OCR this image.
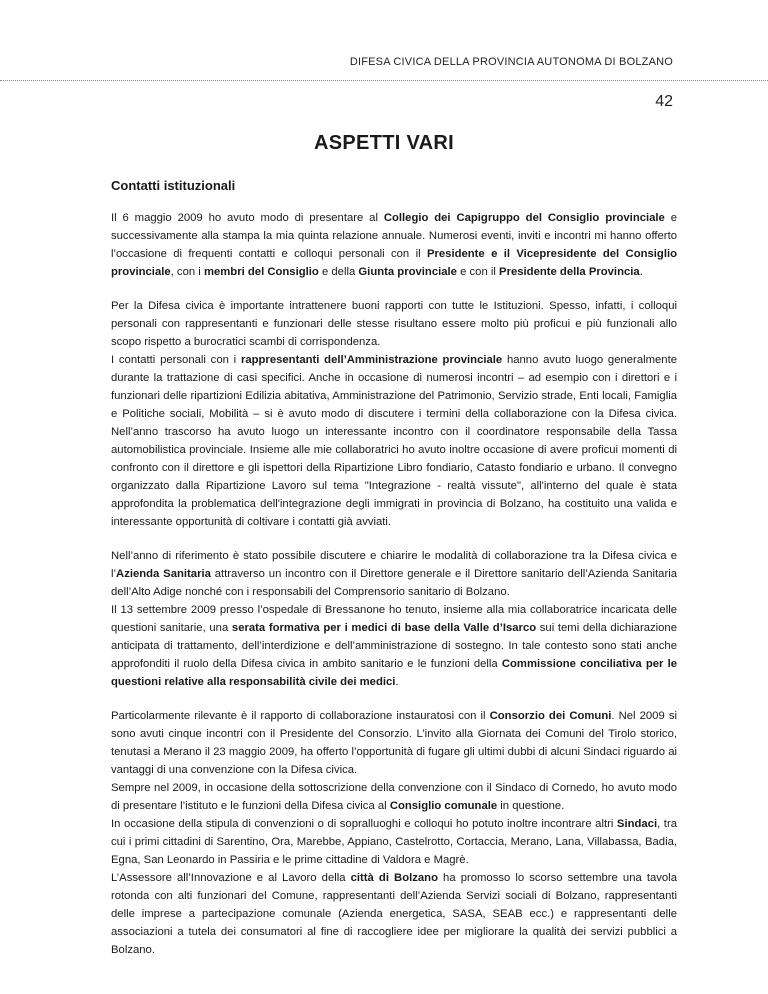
DIFESA CIVICA DELLA PROVINCIA AUTONOMA DI BOLZANO
42
ASPETTI VARI
Contatti istituzionali

Il 6 maggio 2009 ho avuto modo di presentare al Collegio dei Capigruppo del Consiglio provinciale e successivamente alla stampa la mia quinta relazione annuale. Numerosi eventi, inviti e incontri mi hanno offerto l’occasione di frequenti contatti e colloqui personali con il Presidente e il Vicepresidente del Consiglio provinciale, con i membri del Consiglio e della Giunta provinciale e con il Presidente della Provincia.

Per la Difesa civica è importante intrattenere buoni rapporti con tutte le Istituzioni. Spesso, infatti, i colloqui personali con rappresentanti e funzionari delle stesse risultano essere molto più proficui e più funzionali allo scopo rispetto a burocratici scambi di corrispondenza.
I contatti personali con i rappresentanti dell’Amministrazione provinciale hanno avuto luogo generalmente durante la trattazione di casi specifici. Anche in occasione di numerosi incontri – ad esempio con i direttori e i funzionari delle ripartizioni Edilizia abitativa, Amministrazione del Patrimonio, Servizio strade, Enti locali, Famiglia e Politiche sociali, Mobilità – si è avuto modo di discutere i termini della collaborazione con la Difesa civica. Nell’anno trascorso ha avuto luogo un interessante incontro con il coordinatore responsabile della Tassa automobilistica provinciale. Insieme alle mie collaboratrici ho avuto inoltre occasione di avere proficui momenti di confronto con il direttore e gli ispettori della Ripartizione Libro fondiario, Catasto fondiario e urbano. Il convegno organizzato dalla Ripartizione Lavoro sul tema "Integrazione - realtà vissute", all'interno del quale è stata approfondita la problematica dell'integrazione degli immigrati in provincia di Bolzano, ha costituito una valida e interessante opportunità di coltivare i contatti già avviati.

Nell’anno di riferimento è stato possibile discutere e chiarire le modalità di collaborazione tra la Difesa civica e l’Azienda Sanitaria attraverso un incontro con il Direttore generale e il Direttore sanitario dell’Azienda Sanitaria dell’Alto Adige nonché con i responsabili del Comprensorio sanitario di Bolzano.
Il 13 settembre 2009 presso l’ospedale di Bressanone ho tenuto, insieme alla mia collaboratrice incaricata delle questioni sanitarie, una serata formativa per i medici di base della Valle d’Isarco sui temi della dichiarazione anticipata di trattamento, dell’interdizione e dell’amministrazione di sostegno. In tale contesto sono stati anche approfonditi il ruolo della Difesa civica in ambito sanitario e le funzioni della Commissione conciliativa per le questioni relative alla responsabilità civile dei medici.

Particolarmente rilevante è il rapporto di collaborazione instauratosi con il Consorzio dei Comuni. Nel 2009 si sono avuti cinque incontri con il Presidente del Consorzio. L’invito alla Giornata dei Comuni del Tirolo storico, tenutasi a Merano il 23 maggio 2009, ha offerto l’opportunità di fugare gli ultimi dubbi di alcuni Sindaci riguardo ai vantaggi di una convenzione con la Difesa civica.
Sempre nel 2009, in occasione della sottoscrizione della convenzione con il Sindaco di Cornedo, ho avuto modo di presentare l’istituto e le funzioni della Difesa civica al Consiglio comunale in questione.
In occasione della stipula di convenzioni o di sopralluoghi e colloqui ho potuto inoltre incontrare altri Sindaci, tra cui i primi cittadini di Sarentino, Ora, Marebbe, Appiano, Castelrotto, Cortaccia, Merano, Lana, Villabassa, Badia, Egna, San Leonardo in Passiria e le prime cittadine di Valdora e Magrè.
L’Assessore all’Innovazione e al Lavoro della città di Bolzano ha promosso lo scorso settembre una tavola rotonda con alti funzionari del Comune, rappresentanti dell’Azienda Servizi sociali di Bolzano, rappresentanti delle imprese a partecipazione comunale (Azienda energetica, SASA, SEAB ecc.) e rappresentanti delle associazioni a tutela dei consumatori al fine di raccogliere idee per migliorare la qualità dei servizi pubblici a Bolzano.
